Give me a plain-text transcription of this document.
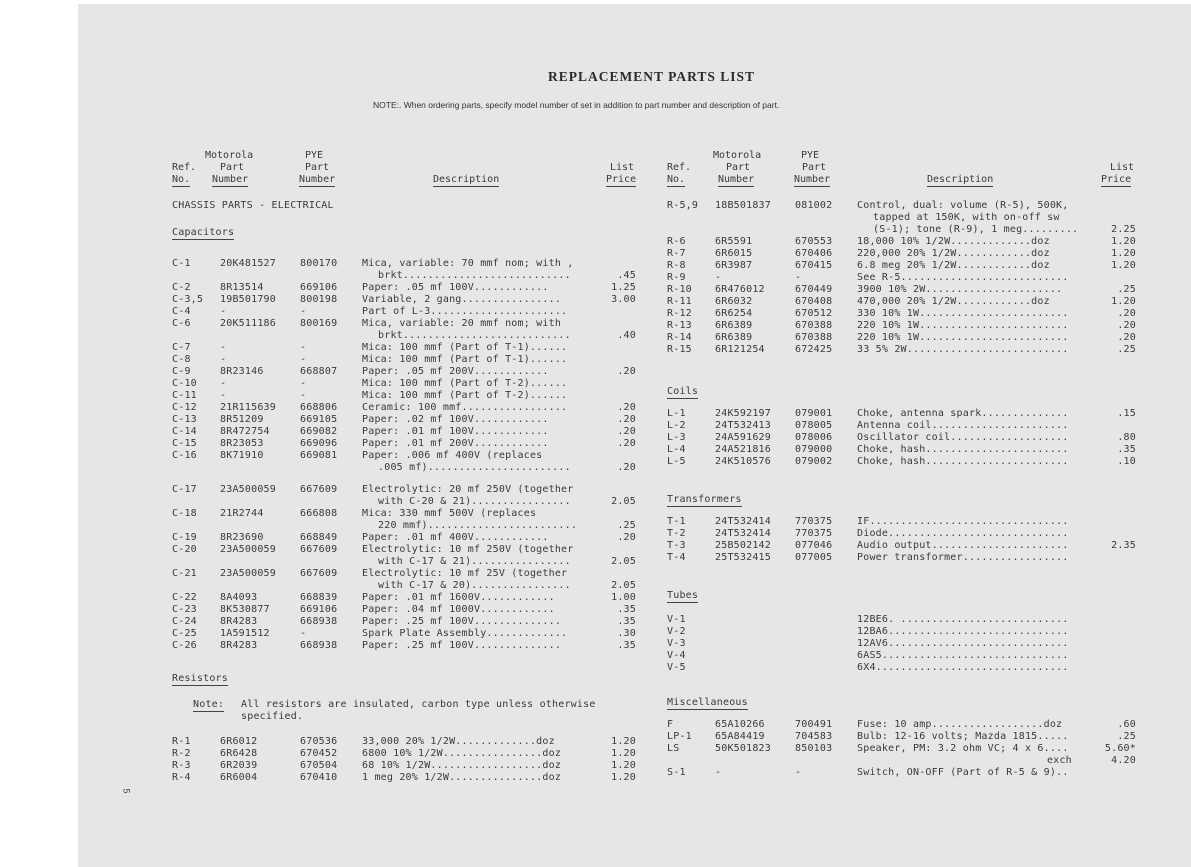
REPLACEMENT PARTS LIST
NOTE:. When ordering parts, specify model number of set in addition to part number and description of part.
Motorola	PYE
Ref. Part	Part	List
No. Number	Number	Description	Price
Motorola	PYE
Ref.	Part	Part	List
No.	Number	Number	Description	Price
CHASSIS PARTS - ELECTRICAL
Capacitors
Resistors
Note: All resistors are insulated, carbon type unless otherwise
specified.
Coils
Transformers
Tubes
Miscellaneous
5
C-1	20K481527 800170 Mica, variable: 70 mmf nom; with ,
brkt...........................	.45
C-2	8R13514	669106 Paper: .05 mf 100V............	1.25
C-3,5 19B501790 800198 Variable, 2 gang................	3.00
C-4	-	-	Part of L-3......................
C-6	20K511186 800169 Mica, variable: 20 mmf nom; with
brkt...........................	.40
C-7	-	-	Mica: 100 mmf (Part of T-1)......
C-8	-	-	Mica: 100 mmf (Part of T-1)......
C-9	8R23146	668807 Paper: .05 mf 200V............	.20
C-10 -	-	Mica: 100 mmf (Part of T-2)......
C-11 -	-	Mica: 100 mmf (Part of T-2)......
C-12 21R115639 668806 Ceramic: 100 mmf.................	.20
C-13 8R51209	669105 Paper: .02 mf 100V............	.20
C-14 8R472754	669082 Paper: .01 mf 100V............	.20
C-15 8R23053	669096 Paper: .01 mf 200V............	.20
C-16 8K71910	669081 Paper: .006 mf 400V (replaces
.005 mf).......................	.20
C-17 23A500059 667609 Electrolytic: 20 mf 250V (together
with C-20 & 21)................	2.05
C-18 21R2744	666808 Mica: 330 mmf 500V (replaces
220 mmf)........................	.25
C-19 8R23690	668849 Paper: .01 mf 400V............	.20
C-20 23A500059 667609 Electrolytic: 10 mf 250V (together
with C-17 & 21)................	2.05
C-21 23A500059 667609 Electrolytic: 10 mf 25V (together
with C-17 & 20)................	2.05
C-22 8A4093	668839 Paper: .01 mf 1600V............	1.00
C-23 8K530877	669106 Paper: .04 mf 1000V............	.35
C-24 8R4283	668938 Paper: .25 mf 100V..............	.35
C-25 1A591512	-	Spark Plate Assembly.............	.30
C-26 8R4283	668938 Paper: .25 mf 100V..............	.35
R-1	6R6012	670536 33,000 20% 1/2W.............doz	1.20
R-2	6R6428	670452 6800 10% 1/2W................doz	1.20
R-3	6R2039	670504 68 10% 1/2W..................doz	1.20
R-4	6R6004	670410 1 meg 20% 1/2W...............doz	1.20
R-5,9 18B501837 081002 Control, dual: volume (R-5), 500K,
tapped at 150K, with on-off sw
(S-1); tone (R-9), 1 meg.........	2.25
R-6	6R5591	670553 18,000 10% 1/2W.............doz	1.20
R-7	6R6015	670406 220,000 20% 1/2W............doz	1.20
R-8	6R3987	670415 6.8 meg 20% 1/2W............doz	1.20
R-9	-	-	See R-5...........................
R-10 6R476012	670449 3900 10% 2W......................	.25
R-11 6R6032	670408 470,000 20% 1/2W............doz	1.20
R-12 6R6254	670512 330 10% 1W........................	.20
R-13 6R6389	670388 220 10% 1W........................	.20
R-14 6R6389	670388 220 10% 1W........................	.20
R-15 6R121254	672425 33 5% 2W..........................	.25
L-1	24K592197 079001 Choke, antenna spark..............	.15
L-2	24T532413 078005 Antenna coil......................
L-3	24A591629 078006 Oscillator coil...................	.80
L-4	24A521816 079000 Choke, hash.......................	.35
L-5	24K510576 079002 Choke, hash.......................	.10
T-1	24T532414 770375 IF................................
T-2	24T532414 770375 Diode.............................
T-3	25B502142 077046 Audio output......................	2.35
T-4	25T532415 077005 Power transformer.................
V-1	12BE6. ...........................
V-2	12BA6.............................
V-3	12AV6.............................
V-4	6AS5..............................
V-5	6X4...............................
F	65A10266	700491 Fuse: 10 amp..................doz	.60
LP-1 65A84419	704583 Bulb: 12-16 volts; Mazda 1815.....	.25
LS	50K501823 850103 Speaker, PM: 3.2 ohm VC; 4 x 6....	5.60*
exch	4.20
S-1	-	-	Switch, ON-OFF (Part of R-5 & 9)..
